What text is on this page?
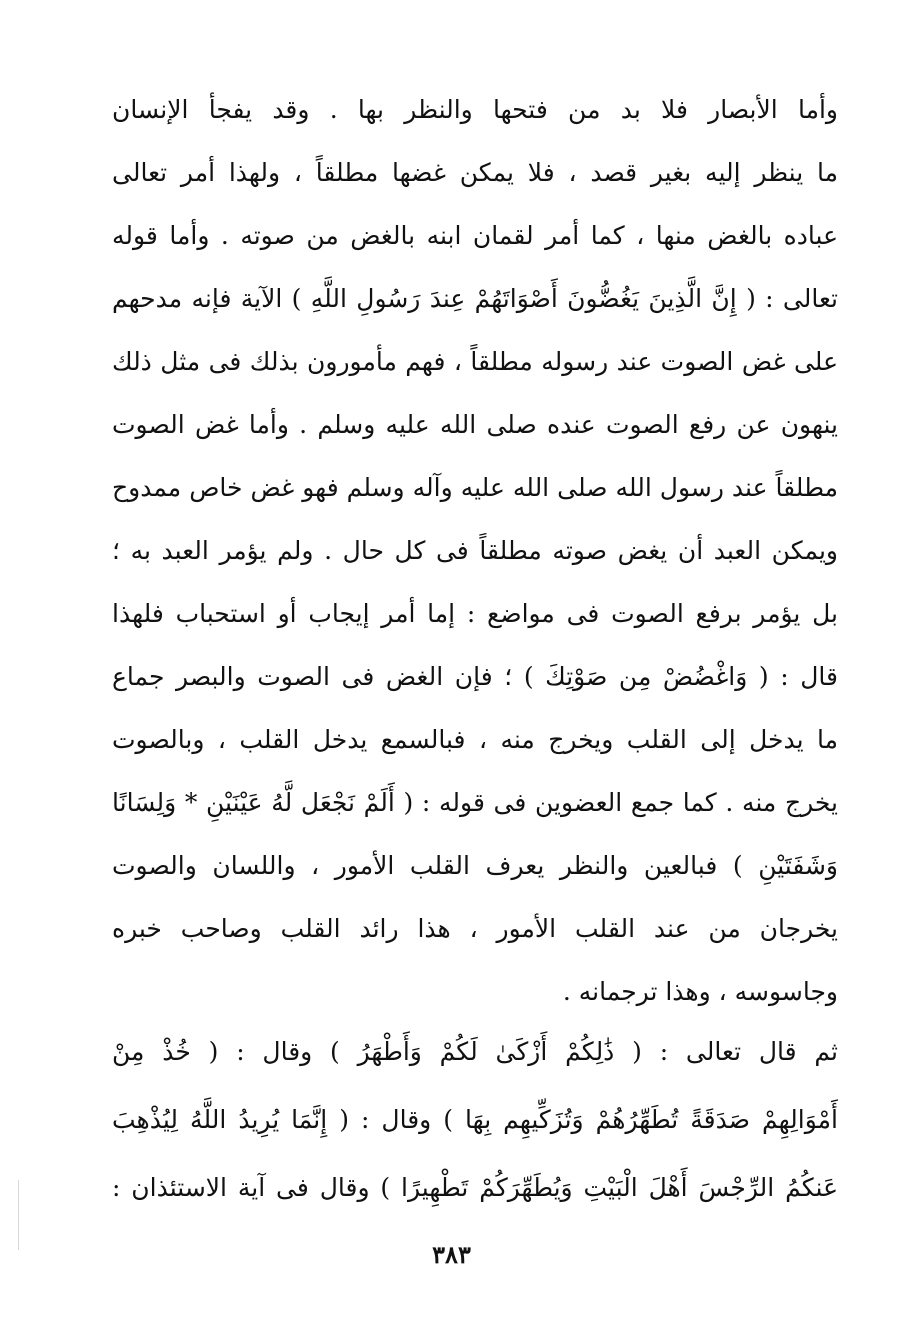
وأما الأبصار فلا بد من فتحها والنظر بها . وقد يفجأ الإنسان
ما ينظر إليه بغير قصد ، فلا يمكن غضها مطلقاً ، ولهذا أمر تعالى
عباده بالغض منها ، كما أمر لقمان ابنه بالغض من صوته . وأما قوله
تعالى : ( إِنَّ الَّذِينَ يَغُضُّونَ أَصْوَاتَهُمْ عِندَ رَسُولِ اللَّهِ ) الآية فإنه مدحهم
على غض الصوت عند رسوله مطلقاً ، فهم مأمورون بذلك فى مثل ذلك
ينهون عن رفع الصوت عنده صلى الله عليه وسلم . وأما غض الصوت
مطلقاً عند رسول الله صلى الله عليه وآله وسلم فهو غض خاص ممدوح
ويمكن العبد أن يغض صوته مطلقاً فى كل حال . ولم يؤمر العبد به ؛
بل يؤمر برفع الصوت فى مواضع : إما أمر إيجاب أو استحباب فلهذا
قال : ( وَاغْضُضْ مِن صَوْتِكَ ) ؛ فإن الغض فى الصوت والبصر جماع
ما يدخل إلى القلب ويخرج منه ، فبالسمع يدخل القلب ، وبالصوت
يخرج منه . كما جمع العضوين فى قوله : ( أَلَمْ نَجْعَل لَّهُ عَيْنَيْنِ * وَلِسَانًا
وَشَفَتَيْنِ ) فبالعين والنظر يعرف القلب الأمور ، واللسان والصوت
يخرجان من عند القلب الأمور ، هذا رائد القلب وصاحب خبره
وجاسوسه ، وهذا ترجمانه .
ثم قال تعالى : ( ذَٰلِكُمْ أَزْكَىٰ لَكُمْ وَأَطْهَرُ ) وقال : ( خُذْ مِنْ
أَمْوَالِهِمْ صَدَقَةً تُطَهِّرُهُمْ وَتُزَكِّيهِم بِهَا ) وقال : ( إِنَّمَا يُرِيدُ اللَّهُ لِيُذْهِبَ
عَنكُمُ الرِّجْسَ أَهْلَ الْبَيْتِ وَيُطَهِّرَكُمْ تَطْهِيرًا ) وقال فى آية الاستئذان :
٣٨٣
